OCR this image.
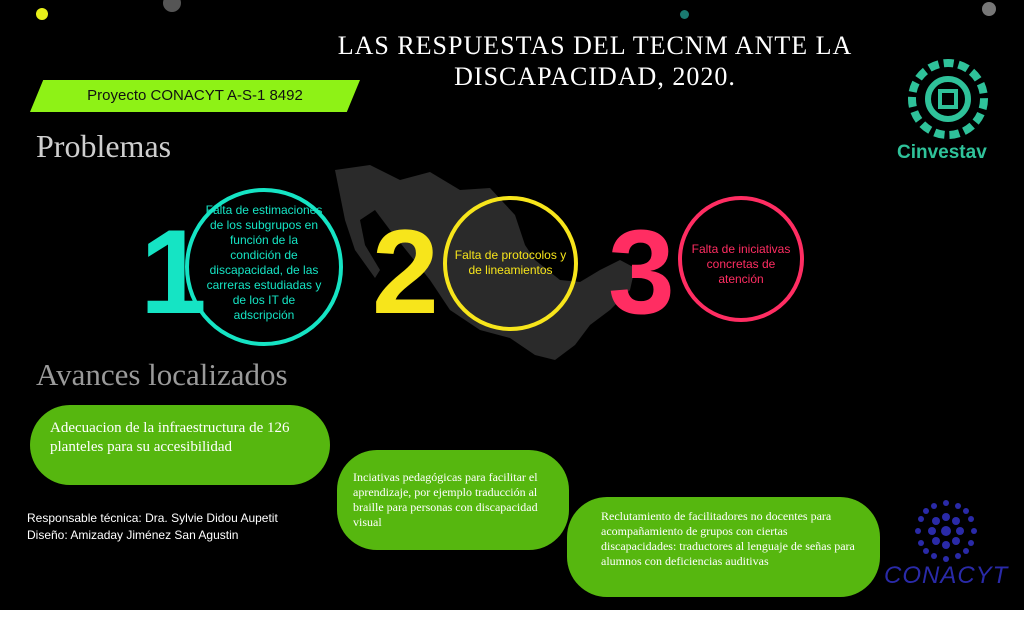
LAS RESPUESTAS DEL TECNM ANTE LA DISCAPACIDAD, 2020.
Proyecto CONACYT A-S-1 8492
Problemas
1
Falta de estimaciones de los subgrupos en función de la condición de discapacidad, de las carreras estudiadas y de los IT de adscripción 2 Falta de protocolos y de lineamientos 3	Falta de iniciativas concretas de atención
Avances localizados
Adecuacion de la infraestructura de 126 planteles para su accesibilidad
Inciativas pedagógicas para facilitar el aprendizaje, por ejemplo traducción al braille para personas con discapacidad visual	Reclutamiento de facilitadores no docentes para acompañamiento de grupos con ciertas discapacidades: traductores al lenguaje de señas para alumnos con deficiencias auditivas
Responsable técnica: Dra. Sylvie Didou Aupetit
Diseño: Amizaday Jiménez San Agustin
Cinvestav
CONACYT
